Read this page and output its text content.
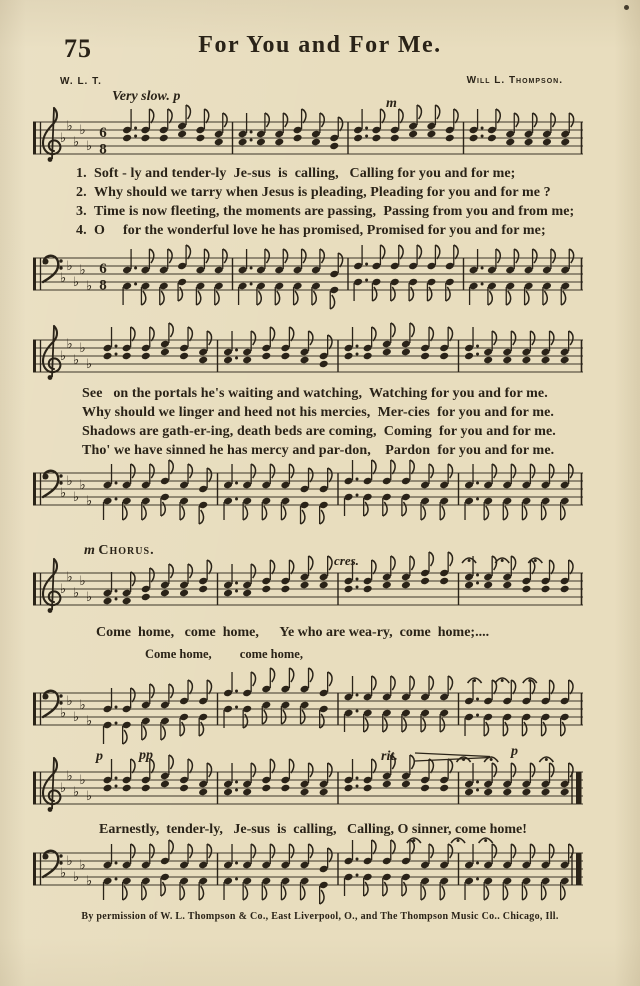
75	For You and For Me.
W. L. T.	Will L. Thompson.
Very slow. p	m
♭
♭
♭
♭
♭
6
8
1. Soft - ly and tender-ly  Je-sus  is  calling,   Calling for you and for me;
2. Why should we tarry when Jesus is pleading, Pleading for you and for me ?
3. Time is now fleeting, the moments are passing,  Passing from you and from me;
4. O     for the wonderful love he has promised, Promised for you and for me;
♭
♭
♭
♭
♭
6
8
♭
♭
♭
♭
♭
See   on the portals he's waiting and watching,  Watching for you and for me.
Why should we linger and heed not his mercies,  Mer-cies  for you and for me.
Shadows are gath-er-ing, death beds are coming,  Coming  for you and for me.
Tho' we have sinned he has mercy and par-don,    Pardon  for you and for me.
♭
♭
♭
♭
♭
m Chorus.
cres.
♭
♭
♭
♭
♭
Come  home,   come  home,      Ye who are wea-ry,  come  home;....
Come home,         come home,
♭
♭
♭
♭
♭
p	pp	rit.	p
♭
♭
♭
♭
♭
Earnestly,  tender-ly,   Je-sus  is  calling,   Calling, O sinner, come home!
♭
♭
♭
♭
♭
By permission of W. L. Thompson & Co., East Liverpool, O., and The Thompson Music Co.. Chicago, Ill.
